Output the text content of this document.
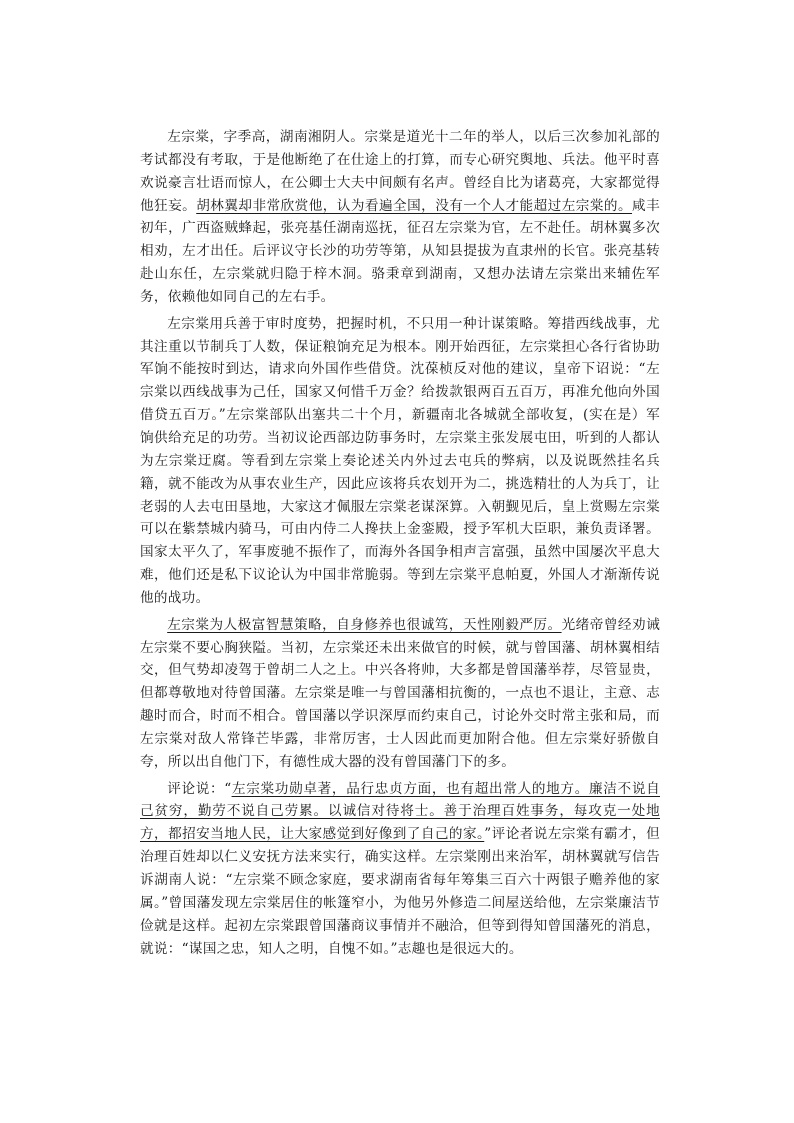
左宗棠，字季高，湖南湘阴人。宗棠是道光十二年的举人，以后三次参加礼部的考试都没有考取，于是他断绝了在仕途上的打算，而专心研究舆地、兵法。他平时喜欢说豪言壮语而惊人，在公卿士大夫中间颇有名声。曾经自比为诸葛亮，大家都觉得他狂妄。胡林翼却非常欣赏他，认为看遍全国，没有一个人才能超过左宗棠的。咸丰初年，广西盗贼蜂起，张亮基任湖南巡抚，征召左宗棠为官，左不赴任。胡林翼多次相劝，左才出任。后评议守长沙的功劳等第，从知县提拔为直隶州的长官。张亮基转赴山东任，左宗棠就归隐于梓木洞。骆秉章到湖南，又想办法请左宗棠出来辅佐军务，依赖他如同自己的左右手。

左宗棠用兵善于审时度势，把握时机，不只用一种计谋策略。筹措西线战事，尤其注重以节制兵丁人数，保证粮饷充足为根本。刚开始西征，左宗棠担心各行省协助军饷不能按时到达，请求向外国作些借贷。沈葆桢反对他的建议，皇帝下诏说：“左宗棠以西线战事为己任，国家又何惜千万金？给拨款银两百五百万，再准允他向外国借贷五百万。”左宗棠部队出塞共二十个月，新疆南北各城就全部收复，(实在是）军饷供给充足的功劳。当初议论西部边防事务时，左宗棠主张发展屯田，听到的人都认为左宗棠迂腐。等看到左宗棠上奏论述关内外过去屯兵的弊病，以及说既然挂名兵籍，就不能改为从事农业生产，因此应该将兵农划开为二，挑选精壮的人为兵丁，让老弱的人去屯田垦地，大家这才佩服左宗棠老谋深算。入朝觐见后，皇上赏赐左宗棠可以在紫禁城内骑马，可由内侍二人搀扶上金銮殿，授予军机大臣职，兼负责译署。国家太平久了，军事废驰不振作了，而海外各国争相声言富强，虽然中国屡次平息大难，他们还是私下议论认为中国非常脆弱。等到左宗棠平息帕夏，外国人才渐渐传说他的战功。

左宗棠为人极富智慧策略，自身修养也很诚笃，天性刚毅严厉。光绪帝曾经劝诫左宗棠不要心胸狭隘。当初，左宗棠还未出来做官的时候，就与曾国藩、胡林翼相结交，但气势却凌驾于曾胡二人之上。中兴各将帅，大多都是曾国藩举荐，尽管显贵，但都尊敬地对待曾国藩。左宗棠是唯一与曾国藩相抗衡的，一点也不退让，主意、志趣时而合，时而不相合。曾国藩以学识深厚而约束自己，讨论外交时常主张和局，而左宗棠对敌人常锋芒毕露，非常厉害，士人因此而更加附合他。但左宗棠好骄傲自夸，所以出自他门下，有德性成大器的没有曾国藩门下的多。

评论说：“左宗棠功勋卓著，品行忠贞方面，也有超出常人的地方。廉洁不说自己贫穷，勤劳不说自己劳累。以诚信对待将士。善于治理百姓事务，每攻克一处地方，都招安当地人民，让大家感觉到好像到了自己的家。”评论者说左宗棠有霸才，但治理百姓却以仁义安抚方法来实行，确实这样。左宗棠刚出来治军，胡林翼就写信告诉湖南人说：“左宗棠不顾念家庭，要求湖南省每年筹集三百六十两银子赡养他的家属。”曾国藩发现左宗棠居住的帐篷窄小，为他另外修造二间屋送给他，左宗棠廉洁节俭就是这样。起初左宗棠跟曾国藩商议事情并不融洽，但等到得知曾国藩死的消息，就说：“谋国之忠，知人之明，自愧不如。”志趣也是很远大的。
